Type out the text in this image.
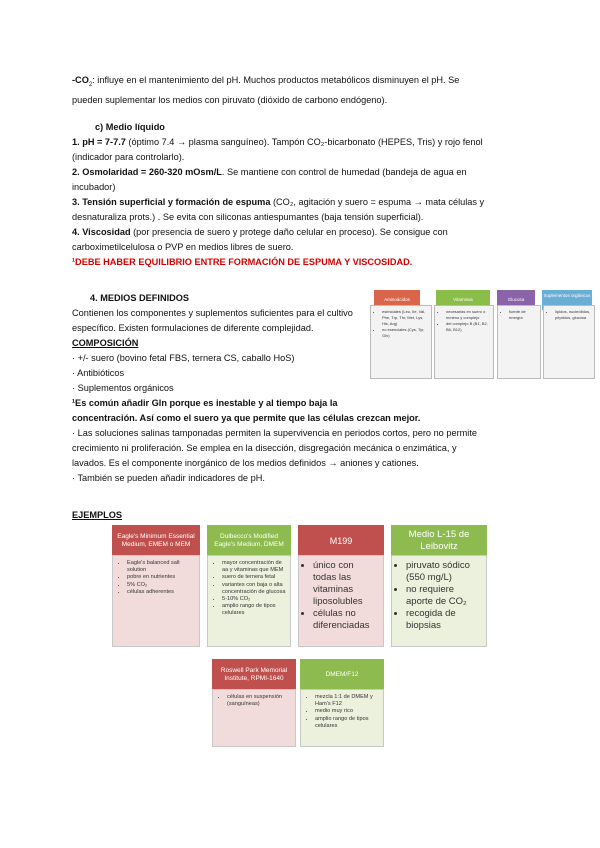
$-CO_2$: influye en el mantenimiento del pH. Muchos productos metabólicos disminuyen el pH. Se
pueden suplementar los medios con piruvato (dióxido de carbono endógeno).
c) Medio líquido
1. pH = 7-7.7 (óptimo 7.4 → plasma sanguíneo). Tampón CO₂-bicarbonato (HEPES, Tris) y rojo fenol
(indicador para controlarlo).
2. Osmolaridad = 260-320 mOsm/L. Se mantiene con control de humedad (bandeja de agua en
incubador)
3. Tensión superficial y formación de espuma (CO₂, agitación y suero = espuma → mata células y
desnaturaliza prots.) . Se evita con siliconas antiespumantes (baja tensión superficial).
4. Viscosidad (por presencia de suero y protege daño celular en proceso). Se consigue con
carboximetilcelulosa o PVP en medios libres de suero.
¹DEBE HABER EQUILIBRIO ENTRE FORMACIÓN DE ESPUMA Y VISCOSIDAD.
4. MEDIOS DEFINIDOS
Contienen los componentes y suplementos suficientes para el cultivo
específico. Existen formulaciones de diferente complejidad.
COMPOSICIÓN
· +/- suero (bovino fetal FBS, ternera CS, caballo HoS)
· Antibióticos
· Suplementos orgánicos
¹Es común añadir Gln porque es inestable y al tiempo baja la
concentración. Así como el suero ya que permite que las células crezcan mejor.
· Las soluciones salinas tamponadas permiten la supervivencia en periodos cortos, pero no permite
crecimiento ni proliferación. Se emplea en la disección, disgregación mecánica o enzimática, y
lavados. Es el componente inorgánico de los medios definidos → aniones y cationes.
· También se pueden añadir indicadores de pH.
Aminoácidos	Vitaminas	Glucosa
Suplementos orgánicos
• esenciales (Leu, Ile, Val, Phe, Trp, Thr, Met, Lys, His, Arg)
• no esenciales (Cys, Tyr, Gln)
• necesarias en suero o mínimo y complejo
• del complejo B (B1, B2, B6, B12)
• fuente de energía
• lípidos, nucleótidos, péptidos, glucosa
EJEMPLOS
Eagle's Minimum Essential Medium, EMEM o MEM
• Eagle's balanced salt solution
• pobre en nutrientes
• 5% CO₂
• células adherentes
Dulbecco's Modified Eagle's Medium, DMEM
• mayor concentración de aa y vitaminas que MEM
• suero de ternera fetal
• variantes con baja o alta concentración de glucosa
• 5-10% CO₂
• amplio rango de tipos celulares
M199
• único con todas las vitaminas liposolubles
• células no diferenciadas
Medio L-15 de Leibovitz
• piruvato sódico (550 mg/L)
• no requiere aporte de CO₂
• recogida de biopsias
Roswell Park Memorial Institute, RPMI-1640
• células en suspensión (sanguíneas)
DMEM/F12
• mezcla 1:1 de DMEM y Ham's F12
• medio muy rico
• amplio rango de tipos celulares
